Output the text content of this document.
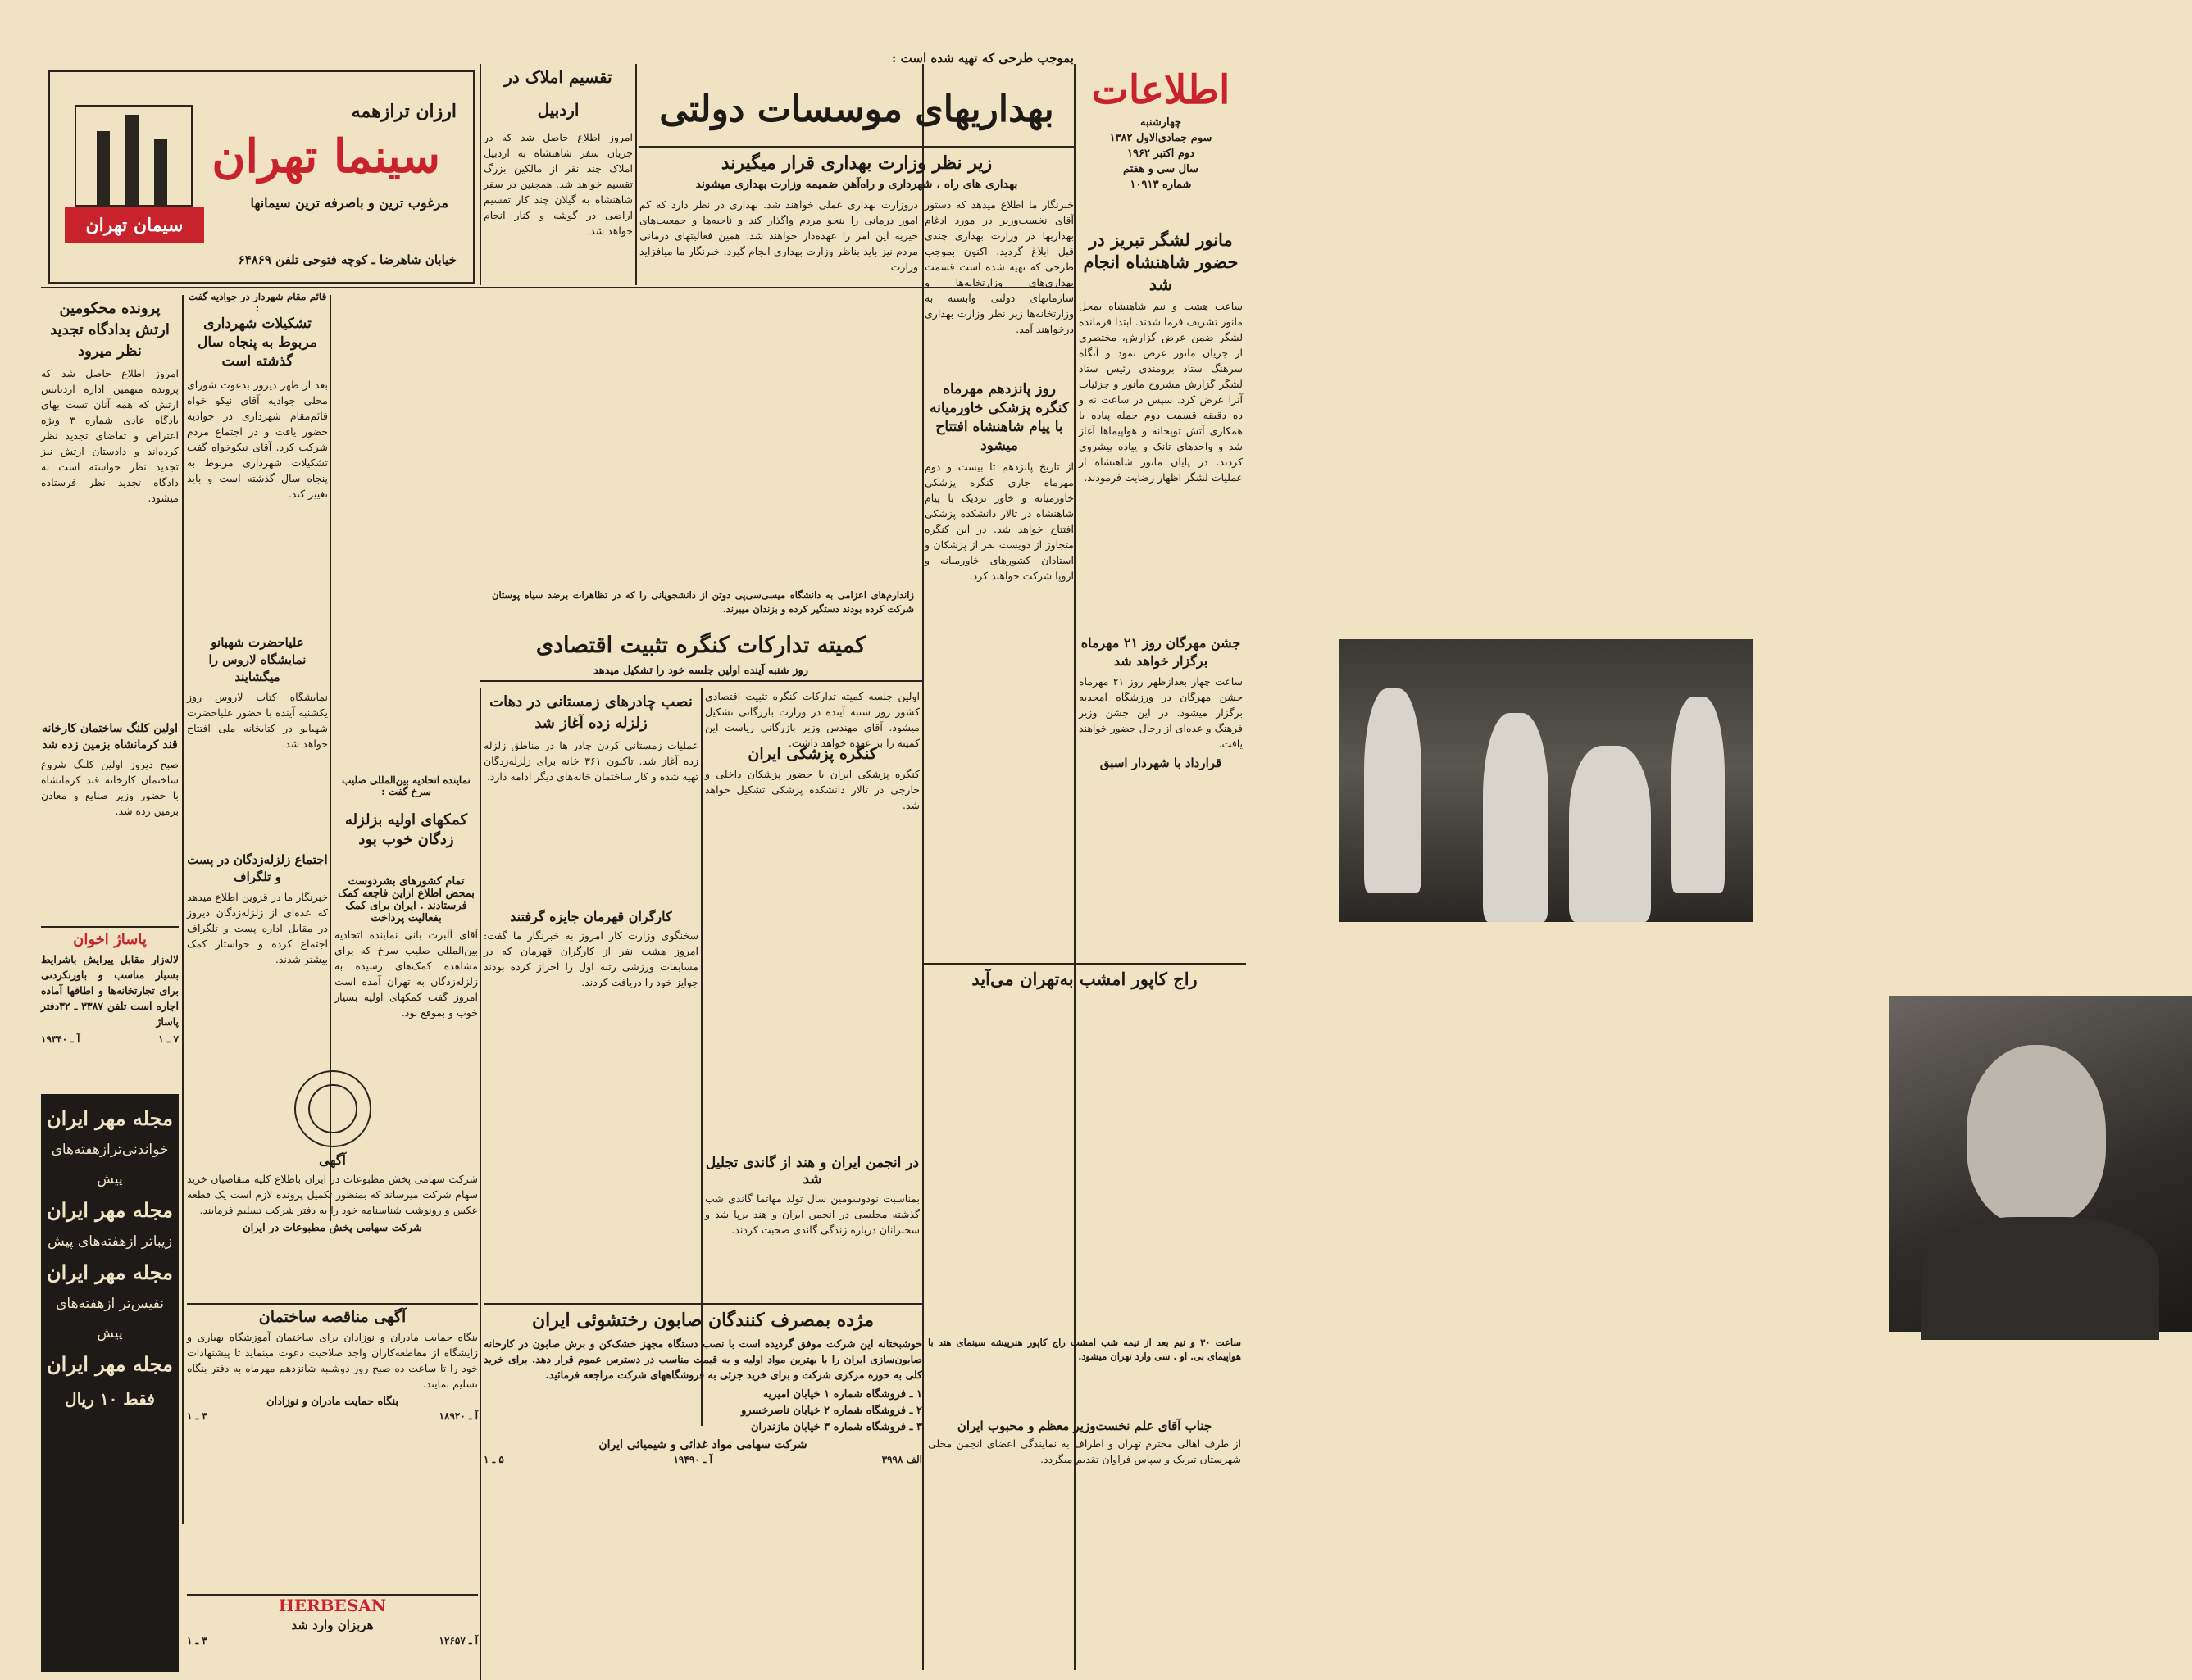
اطلاعات
چهارشنبه
سوم جمادی‌الاول ۱۳۸۲
دوم اکتبر ۱۹۶۲
سال سی و هفتم
شماره ۱۰۹۱۳
مانور لشگر تبریز در حضور شاهنشاه انجام شد

ساعت هشت و نیم شاهنشاه بمحل مانور تشریف فرما شدند. ابتدا فرمانده لشگر ضمن عرض گزارش، مختصری از جریان مانور عرض نمود و آنگاه سرهنگ ستاد برومندی رئیس ستاد لشگر گزارش مشروح مانور و جزئیات آنرا عرض کرد. سپس در ساعت نه و ده دقیقه قسمت دوم حمله پیاده با همکاری آتش توپخانه و هواپیماها آغاز شد و واحدهای تانک و پیاده پیشروی کردند. در پایان مانور شاهنشاه از عملیات لشگر اظهار رضایت فرمودند.

روز پانزدهم مهرماه کنگره پزشکی خاورمیانه با پیام شاهنشاه افتتاح میشود

از تاریخ پانزدهم تا بیست و دوم مهرماه جاری کنگره پزشکی خاورمیانه و خاور نزدیک با پیام شاهنشاه در تالار دانشکده پزشکی افتتاح خواهد شد. در این کنگره متجاوز از دویست نفر از پزشکان و استادان کشورهای خاورمیانه و اروپا شرکت خواهند کرد.

جشن مهرگان روز ۲۱ مهرماه برگزار خواهد شد

ساعت چهار بعدازظهر روز ۲۱ مهرماه جشن مهرگان در ورزشگاه امجدیه برگزار میشود. در این جشن وزیر فرهنگ و عده‌ای از رجال حضور خواهند یافت.

قرارداد با شهردار اسبق
راج کاپور امشب به‌تهران می‌آید

ساعت ۳۰ و نیم بعد از نیمه شب امشب راج کاپور هنرپیشه سینمای هند با هواپیمای بی. او . سی وارد تهران میشود.

جناب آقای علم نخست‌وزیر معظم و محبوب ایران

از طرف اهالی محترم تهران و اطراف به نمایندگی اعضای انجمن محلی شهرستان تبریک و سپاس فراوان تقدیم میگردد.

بموجب طرحی که تهیه شده است :
بهداریهای موسسات دولتی
زیر نظر وزارت بهداری قرار میگیرند
بهداری های راه ، شهرداری و راه‌آهن ضمیمه وزارت بهداری میشوند

خبرنگار ما اطلاع میدهد که دستور آقای نخست‌وزیر در مورد ادغام بهداریها در وزارت بهداری چندی قبل ابلاغ گردید. اکنون بموجب طرحی که تهیه شده است قسمت بهداری‌های وزارتخانه‌ها و سازمانهای دولتی وابسته به وزارتخانه‌ها زیر نظر وزارت بهداری درخواهند آمد.

دروزارت بهداری عملی خواهند شد. بهداری در نظر دارد که کم امور درمانی را بنحو مردم واگذار کند و ناجیه‌ها و جمعیت‌های خیریه این امر را عهده‌دار خواهند شد. همین فعالیتهای درمانی مردم نیز باید بناظر وزارت بهداری انجام گیرد. خبرنگار ما میافزاید وزارت

تقسیم املاک در اردبیل

امروز اطلاع حاصل شد که در جریان سفر شاهنشاه به اردبیل املاک چند نفر از مالکین بزرگ تقسیم خواهد شد. همچنین در سفر شاهنشاه به گیلان چند کار تقسیم اراضی در گوشه و کنار انجام خواهد شد.

ارزان ترازهمه
سینما تهران
مرغوب ترین و باصرفه ترین سیمانها
خیابان شاهرضا ـ کوچه فتوحی تلفن ۶۴۸۶۹
سیمان تهران

زاندارم‌های اعزامی به دانشگاه میسی‌سی‌پی دوتن از دانشجویانی را که در تظاهرات برضد سیاه پوستان شرکت کرده بودند دستگیر کرده و بزندان میبرند.

کمیته تدارکات کنگره تثبیت اقتصادی
روز شنبه آینده اولین جلسه خود را تشکیل میدهد

اولین جلسه کمیته تدارکات کنگره تثبیت اقتصادی کشور روز شنبه آینده در وزارت بازرگانی تشکیل میشود. آقای مهندس وزیر بازرگانی ریاست این کمیته را بر عهده خواهد داشت.

کنگره پزشکی ایران

کنگره پزشکی ایران با حضور پزشکان داخلی و خارجی در تالار دانشکده پزشکی تشکیل خواهد شد.

در انجمن ایران و هند از گاندی تجلیل شد

بمناسبت نودوسومین سال تولد مهاتما گاندی شب گذشته مجلسی در انجمن ایران و هند برپا شد و سخنرانان درباره زندگی گاندی صحبت کردند.

نصب چادرهای زمستانی در دهات زلزله زده آغاز شد

عملیات زمستانی کردن چادر ها در مناطق زلزله زده آغاز شد. تاکنون ۳۶۱ خانه برای زلزله‌زدگان تهیه شده و کار ساختمان خانه‌های دیگر ادامه دارد.

کارگران قهرمان جایزه گرفتند

سخنگوی وزارت کار امروز به خبرنگار ما گفت: امروز هشت نفر از کارگران قهرمان که در مسابقات ورزشی رتبه اول را احراز کرده بودند جوایز خود را دریافت کردند.

نماینده اتحادیه بین‌المللی صلیب سرخ گفت :
کمکهای اولیه بزلزله زدگان خوب بود
تمام کشورهای بشردوست بمحض اطلاع ازاین فاجعه کمک فرستادند . ایران برای کمک بفعالیت پرداخت

آقای آلبرت بانی نماینده اتحادیه بین‌المللی صلیب سرخ که برای مشاهده کمک‌های رسیده به زلزله‌زدگان به تهران آمده است امروز گفت کمکهای اولیه بسیار خوب و بموقع بود.

قائم مقام شهردار در جوادیه گفت :
تشکیلات شهرداری مربوط به پنجاه سال گذشته است

بعد از ظهر دیروز بدعوت شورای محلی جوادیه آقای نیکو خواه قائم‌مقام شهرداری در جوادیه حضور یافت و در اجتماع مردم شرکت کرد. آقای نیکوخواه گفت تشکیلات شهرداری مربوط به پنجاه سال گذشته است و باید تغییر کند.

علیاحضرت شهبانو نمایشگاه لاروس را میگشایند

نمایشگاه کتاب لاروس روز یکشنبه آینده با حضور علیاحضرت شهبانو در کتابخانه ملی افتتاح خواهد شد.

اجتماع زلزله‌زدگان در پست و تلگراف

خبرنگار ما در قزوین اطلاع میدهد که عده‌ای از زلزله‌زدگان دیروز در مقابل اداره پست و تلگراف اجتماع کرده و خواستار کمک بیشتر شدند.

پرونده محکومین ارتش بدادگاه تجدید نظر میرود

امروز اطلاع حاصل شد که پرونده متهمین اداره اردنانس ارتش که همه آنان تست بهای بادگاه عادی شماره ۳ ویژه اعتراض و تقاضای تجدید نظر کرده‌اند و دادستان ارتش نیز تجدید نظر خواسته است به دادگاه تجدید نظر فرستاده میشود.

اولین کلنگ ساختمان کارخانه قند کرمانشاه بزمین زده شد

صبح دیروز اولین کلنگ شروع ساختمان کارخانه قند کرمانشاه با حضور وزیر صنایع و معادن بزمین زده شد.

پاساژ اخوان

لاله‌زار مقابل پیرایش باشرایط بسیار مناسب و باورنکردنی برای تجارتخانه‌ها و اطاقها آماده اجاره است تلفن ۳۳۸۷ ـ ۳۲دفتر پاساژ

۷ ـ ۱
آ ـ ۱۹۳۴۰
مجله مهر ایران
خواندنی‌ترازهفته‌های پیش
مجله مهر ایران
زیباتر ازهفته‌های پیش
مجله مهر ایران
نفیس‌تر ازهفته‌های پیش
مجله مهر ایران
فقط ۱۰ ریال
آگهی

شرکت سهامی پخش مطبوعات در ایران باطلاع کلیه متقاضیان خرید سهام شرکت میرساند که بمنظور تکمیل پرونده لازم است یک قطعه عکس و رونوشت شناسنامه خود را به دفتر شرکت تسلیم فرمایند.

شرکت سهامی پخش مطبوعات در ایران
آگهی مناقصه ساختمان

بنگاه حمایت مادران و نوزادان برای ساختمان آموزشگاه بهیاری و زایشگاه از مقاطعه‌کاران واجد صلاحیت دعوت مینماید تا پیشنهادات خود را تا ساعت ده صبح روز دوشنبه شانزدهم مهرماه به دفتر بنگاه تسلیم نمایند.

بنگاه حمایت مادران و نوزادان
آ ـ ۱۸۹۲۰
۳ ـ ۱
HERBESAN
هربزان وارد شد
آ ـ ۱۲۶۵۷
۳ ـ ۱
مژده بمصرف کنندگان صابون رختشوئی ایران

خوشبختانه این شرکت موفق گردیده است با نصب دستگاه مجهز خشک‌کن و برش صابون در کارخانه صابون‌سازی ایران را با بهترین مواد اولیه و به قیمت مناسب در دسترس عموم قرار دهد. برای خرید کلی به حوزه مرکزی شرکت و برای خرید جزئی به فروشگاههای شرکت مراجعه فرمائید.

۱ ـ فروشگاه شماره ۱ خیابان امیریه
۲ ـ فروشگاه شماره ۲ خیابان ناصرخسرو
۳ ـ فروشگاه شماره ۳ خیابان مازندران
شرکت سهامی مواد غذائی و شیمیائی ایران
الف ۳۹۹۸
آ ـ ۱۹۴۹۰
۵ ـ ۱
